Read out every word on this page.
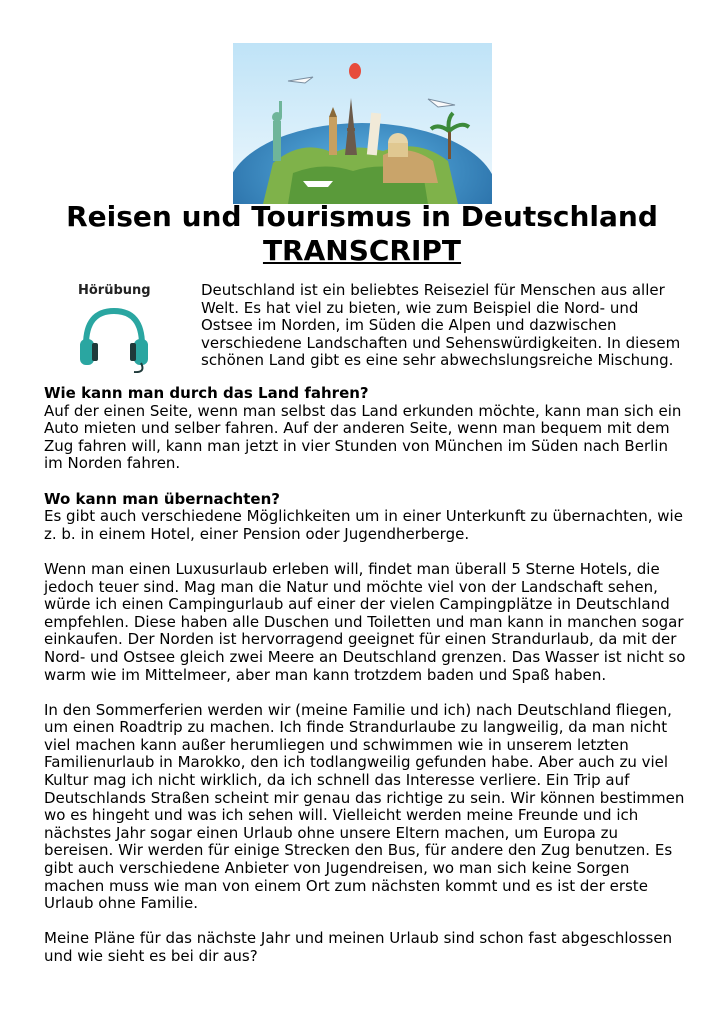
Reisen und Tourismus in Deutschland
TRANSCRIPT
Hörübung	Deutschland ist ein beliebtes Reiseziel für Menschen aus aller Welt. Es hat viel zu bieten, wie zum Beispiel die Nord- und Ostsee im Norden, im Süden die Alpen und dazwischen verschiedene Landschaften und Sehenswürdigkeiten. In diesem schönen Land gibt es eine sehr abwechslungsreiche Mischung.

Wie kann man durch das Land fahren?
Auf der einen Seite, wenn man selbst das Land erkunden möchte, kann man sich ein Auto mieten und selber fahren. Auf der anderen Seite, wenn man bequem mit dem Zug fahren will, kann man jetzt in vier Stunden von München im Süden nach Berlin im Norden fahren.

Wo kann man übernachten?
Es gibt auch verschiedene Möglichkeiten um in einer Unterkunft zu übernachten, wie z. b. in einem Hotel, einer Pension oder Jugendherberge.

Wenn man einen Luxusurlaub erleben will, findet man überall 5 Sterne Hotels, die jedoch teuer sind. Mag man die Natur und möchte viel von der Landschaft sehen, würde ich einen Campingurlaub auf einer der vielen Campingplätze in Deutschland empfehlen. Diese haben alle Duschen und Toiletten und man kann in manchen sogar einkaufen. Der Norden ist hervorragend geeignet für einen Strandurlaub, da mit der Nord- und Ostsee gleich zwei Meere an Deutschland grenzen. Das Wasser ist nicht so warm wie im Mittelmeer, aber man kann trotzdem baden und Spaß haben.

In den Sommerferien werden wir (meine Familie und ich) nach Deutschland fliegen, um einen Roadtrip zu machen. Ich finde Strandurlaube zu langweilig, da man nicht viel machen kann außer herumliegen und schwimmen wie in unserem letzten Familienurlaub in Marokko, den ich todlangweilig gefunden habe. Aber auch zu viel Kultur mag ich nicht wirklich, da ich schnell das Interesse verliere. Ein Trip auf Deutschlands Straßen scheint mir genau das richtige zu sein. Wir können bestimmen wo es hingeht und was ich sehen will. Vielleicht werden meine Freunde und ich nächstes Jahr sogar einen Urlaub ohne unsere Eltern machen, um Europa zu bereisen. Wir werden für einige Strecken den Bus, für andere den Zug benutzen. Es gibt auch verschiedene Anbieter von Jugendreisen, wo man sich keine Sorgen machen muss wie man von einem Ort zum nächsten kommt und es ist der erste Urlaub ohne Familie.

Meine Pläne für das nächste Jahr und meinen Urlaub sind schon fast abgeschlossen und wie sieht es bei dir aus?
